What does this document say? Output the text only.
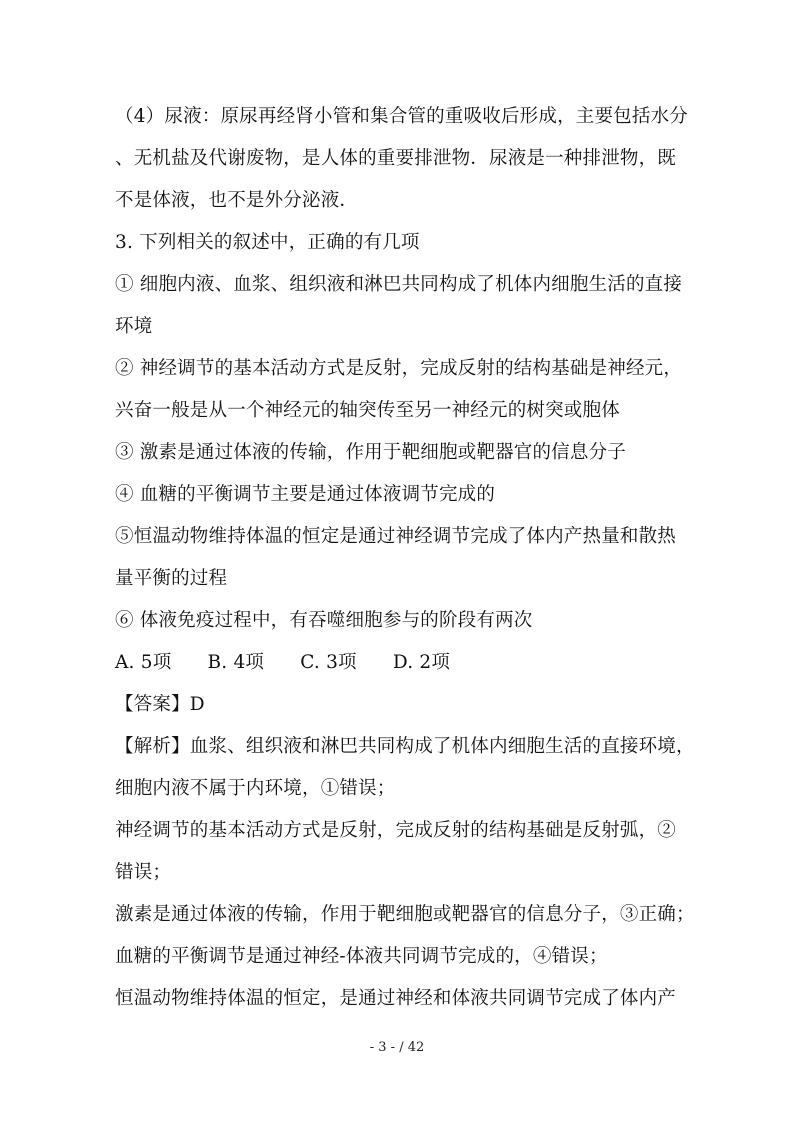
（4）尿液：原尿再经肾小管和集合管的重吸收后形成，主要包括水分
、无机盐及代谢废物，是人体的重要排泄物．尿液是一种排泄物，既
不是体液，也不是外分泌液．
3. 下列相关的叙述中，正确的有几项
① 细胞内液、血浆、组织液和淋巴共同构成了机体内细胞生活的直接
环境
② 神经调节的基本活动方式是反射，完成反射的结构基础是神经元，
兴奋一般是从一个神经元的轴突传至另一神经元的树突或胞体
③ 激素是通过体液的传输，作用于靶细胞或靶器官的信息分子
④ 血糖的平衡调节主要是通过体液调节完成的
⑤恒温动物维持体温的恒定是通过神经调节完成了体内产热量和散热
量平衡的过程
⑥ 体液免疫过程中，有吞噬细胞参与的阶段有两次
A. 5项 B. 4项 C. 3项 D. 2项
【答案】D
【解析】血浆、组织液和淋巴共同构成了机体内细胞生活的直接环境，
细胞内液不属于内环境，①错误；
神经调节的基本活动方式是反射，完成反射的结构基础是反射弧，②
错误；
激素是通过体液的传输，作用于靶细胞或靶器官的信息分子，③正确；
血糖的平衡调节是通过神经-体液共同调节完成的，④错误；
恒温动物维持体温的恒定，是通过神经和体液共同调节完成了体内产
- 3 - / 42
